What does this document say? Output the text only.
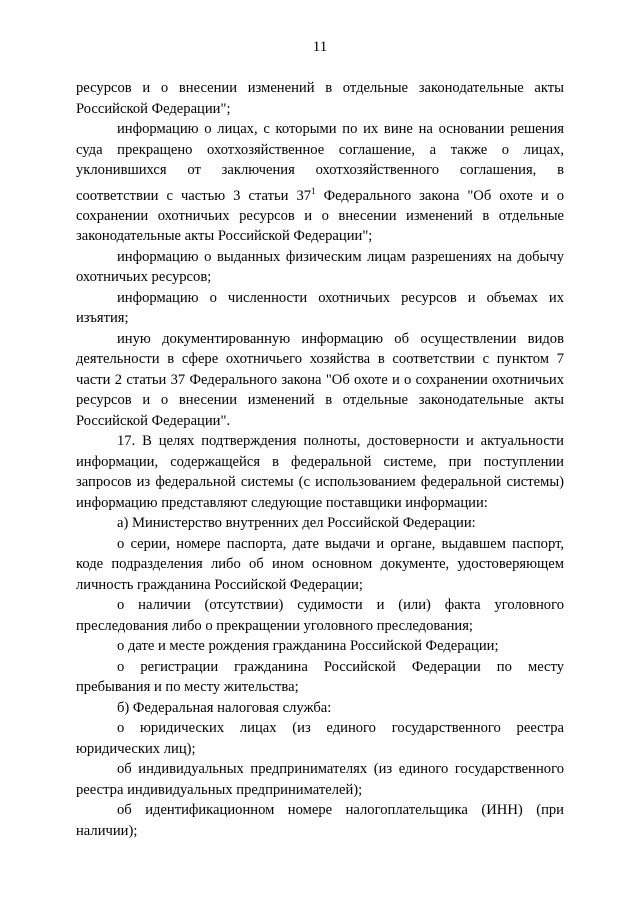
11

ресурсов и о внесении изменений в отдельные законодательные акты Российской Федерации";

информацию о лицах, с которыми по их вине на основании решения суда прекращено охотхозяйственное соглашение, а также о лицах, уклонившихся от заключения охотхозяйственного соглашения, в соответствии с частью 3 статьи $37^1$ Федерального закона "Об охоте и о сохранении охотничьих ресурсов и о внесении изменений в отдельные законодательные акты Российской Федерации";

информацию о выданных физическим лицам разрешениях на добычу охотничьих ресурсов;

информацию о численности охотничьих ресурсов и объемах их изъятия;

иную документированную информацию об осуществлении видов деятельности в сфере охотничьего хозяйства в соответствии с пунктом 7 части 2 статьи 37 Федерального закона "Об охоте и о сохранении охотничьих ресурсов и о внесении изменений в отдельные законодательные акты Российской Федерации".

17. В целях подтверждения полноты, достоверности и актуальности информации, содержащейся в федеральной системе, при поступлении запросов из федеральной системы (с использованием федеральной системы) информацию представляют следующие поставщики информации:

а) Министерство внутренних дел Российской Федерации:

о серии, номере паспорта, дате выдачи и органе, выдавшем паспорт, коде подразделения либо об ином основном документе, удостоверяющем личность гражданина Российской Федерации;

о наличии (отсутствии) судимости и (или) факта уголовного преследования либо о прекращении уголовного преследования;

о дате и месте рождения гражданина Российской Федерации;

о регистрации гражданина Российской Федерации по месту пребывания и по месту жительства;

б) Федеральная налоговая служба:

о юридических лицах (из единого государственного реестра юридических лиц);

об индивидуальных предпринимателях (из единого государственного реестра индивидуальных предпринимателей);

об идентификационном номере налогоплательщика (ИНН) (при наличии);
